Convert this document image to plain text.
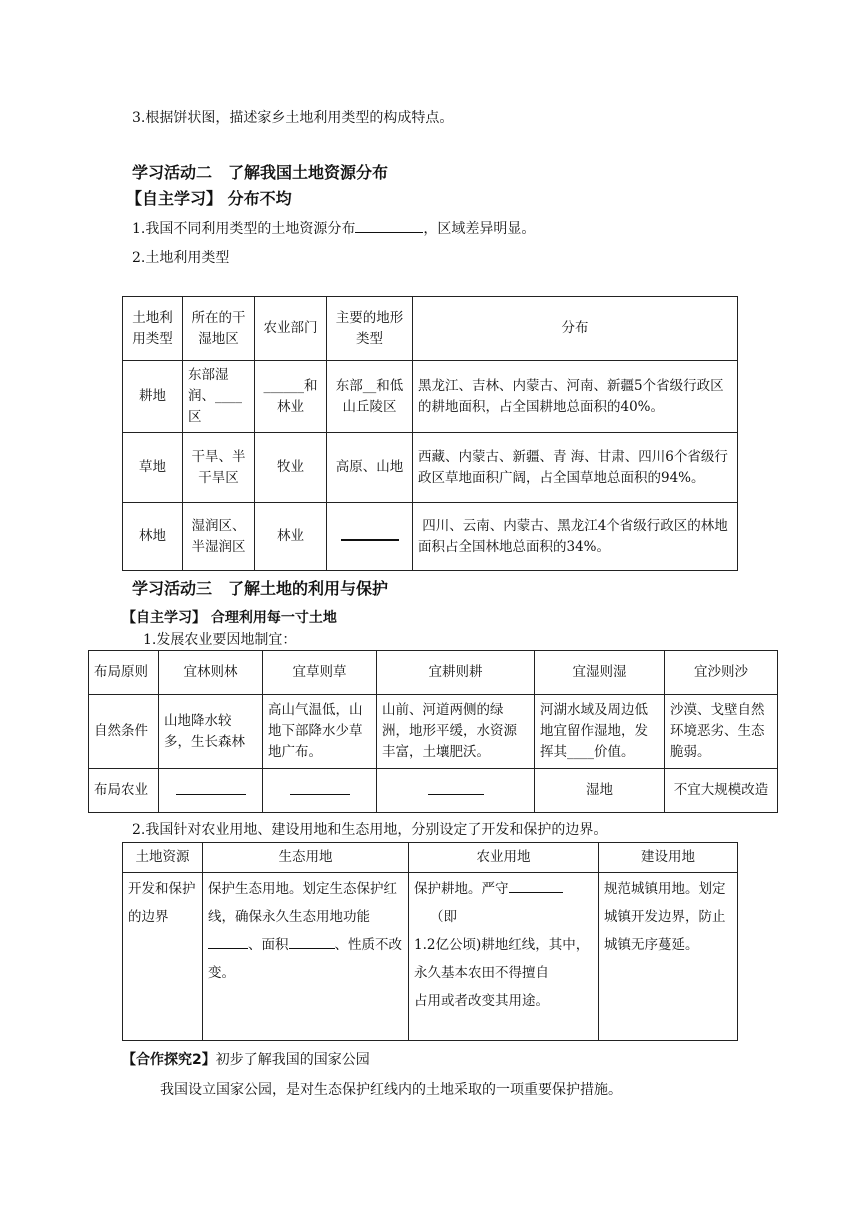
3.根据饼状图，描述家乡土地利用类型的构成特点。
学习活动二　了解我国土地资源分布
【自主学习】 分布不均
1.我国不同利用类型的土地资源分布	，区域差异明显。
2.土地利用类型
土地利用类型	所在的干湿地区	农业部门	主要的地形类型	分布
耕地	东部湿润、____区	______和林业	东部__和低山丘陵区	黑龙江、吉林、内蒙古、河南、新疆5个省级行政区的耕地面积，占全国耕地总面积的40%。
草地	干旱、半干旱区	牧业	高原、山地	西藏、内蒙古、新疆、青 海、甘肃、四川6个省级行政区草地面积广阔，占全国草地总面积的94%。
林地	湿润区、半湿润区	林业		四川、云南、内蒙古、黑龙江4个省级行政区的林地
面积占全国林地总面积的34%。
学习活动三　了解土地的利用与保护
【自主学习】 合理利用每一寸土地
1.发展农业要因地制宜：
布局原则	宜林则林	宜草则草	宜耕则耕	宜湿则湿	宜沙则沙
自然条件	山地降水较多，生长森林	高山气温低，山地下部降水少草地广布。	山前、河道两侧的绿洲，地形平缓，水资源丰富，土壤肥沃。	河湖水域及周边低地宜留作湿地，发挥其____价值。	沙漠、戈壁自然环境恶劣、生态脆弱。
布局农业				湿地	不宜大规模改造
2.我国针对农业用地、建设用地和生态用地，分别设定了开发和保护的边界。
土地资源	生态用地	农业用地	建设用地
开发和保护的边界	保护生态用地。划定生态保护红线，确保永久生态用地功能、面积 、性质不改变。	保护耕地。严守
（即
1.2亿公顷)耕地红线，其中，永久基本农田不得擅自
占用或者改变其用途。	规范城镇用地。划定城镇开发边界，防止城镇无序蔓延。
【合作探究2】初步了解我国的国家公园
我国设立国家公园，是对生态保护红线内的土地采取的一项重要保护措施。
